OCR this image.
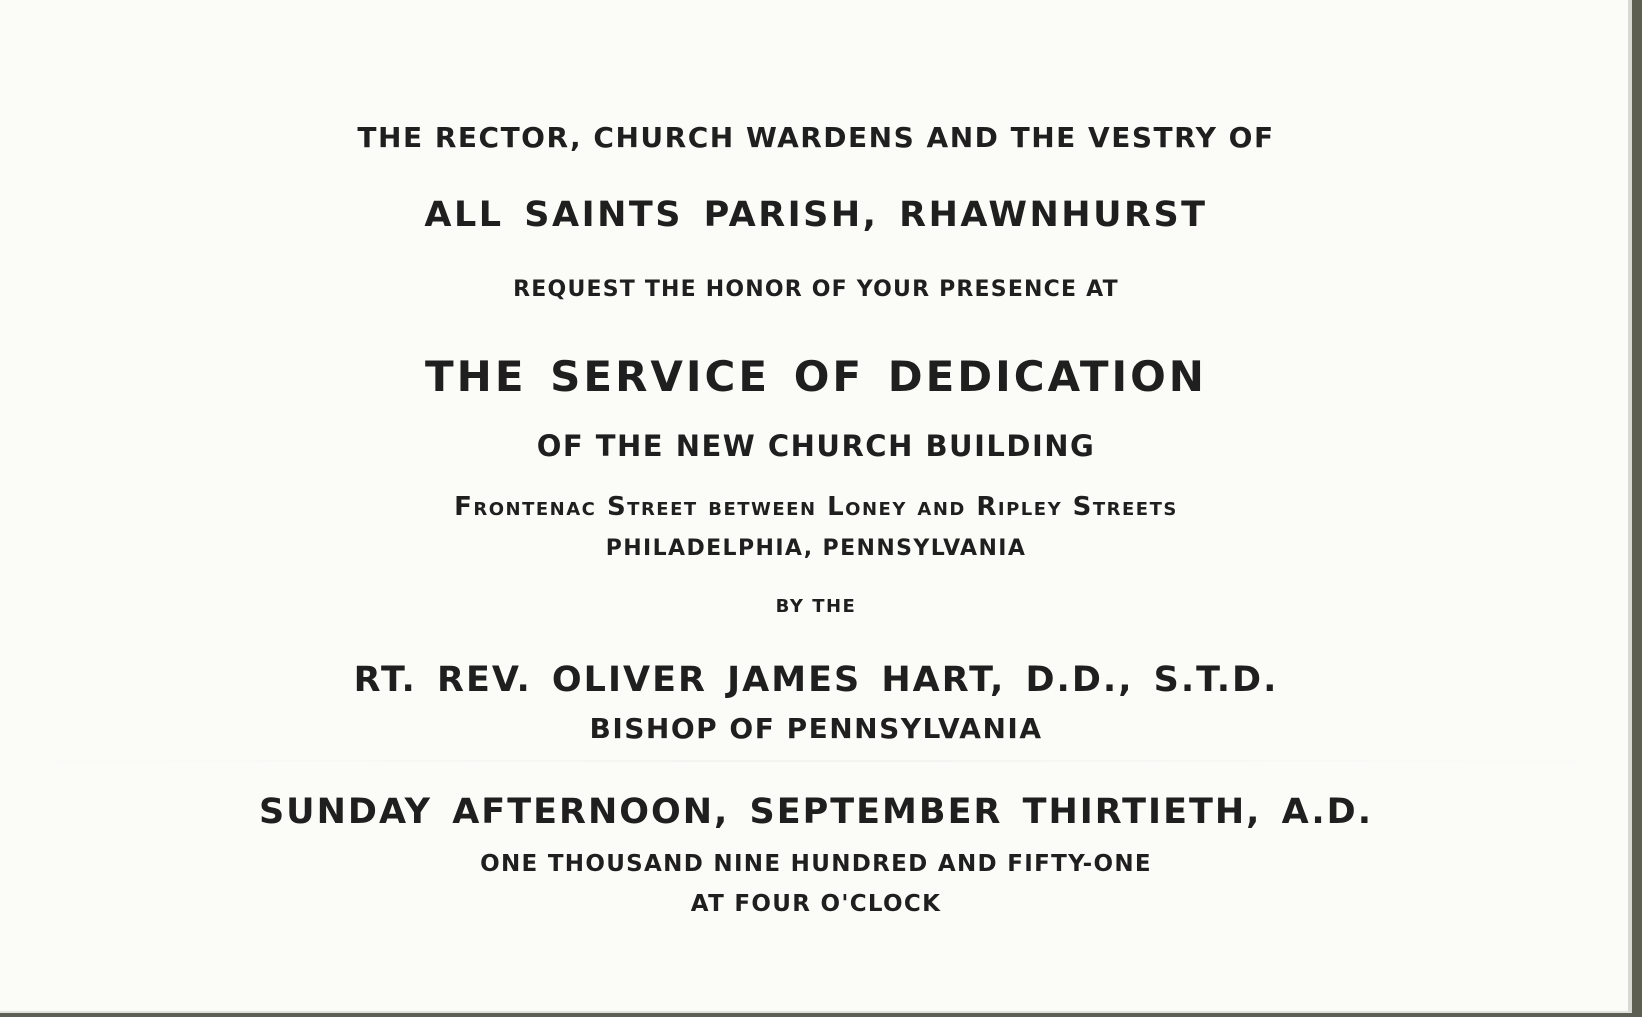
THE RECTOR, CHURCH WARDENS AND THE VESTRY OF
ALL SAINTS PARISH, RHAWNHURST
REQUEST THE HONOR OF YOUR PRESENCE AT
THE SERVICE OF DEDICATION
OF THE NEW CHURCH BUILDING
Frontenac Street between Loney and Ripley Streets
PHILADELPHIA, PENNSYLVANIA
BY THE
RT. REV. OLIVER JAMES HART, D.D., S.T.D.
BISHOP OF PENNSYLVANIA
SUNDAY AFTERNOON, SEPTEMBER THIRTIETH, A.D.
ONE THOUSAND NINE HUNDRED AND FIFTY-ONE
AT FOUR O'CLOCK
